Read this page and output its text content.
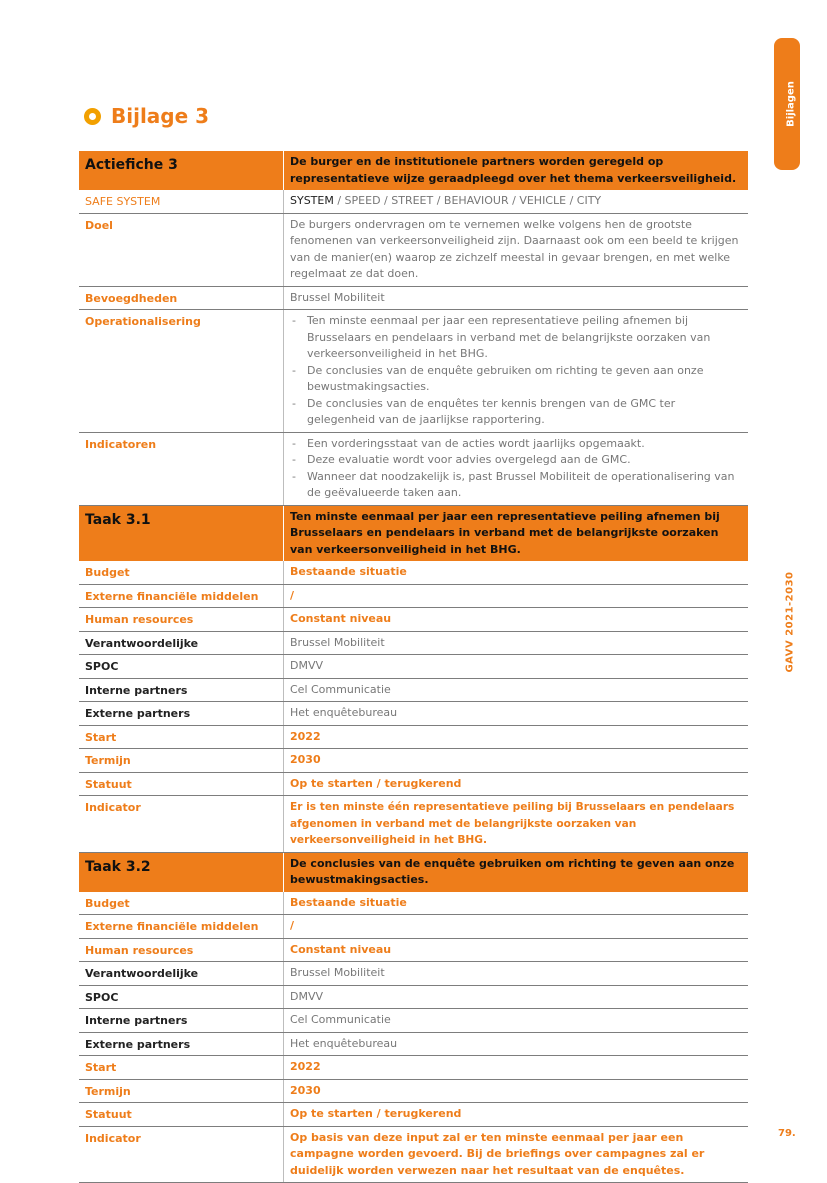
Bijlagen
GAVV 2021-2030
79.
Bijlage 3
Actiefiche 3	De burger en de institutionele partners worden geregeld op representatieve wijze geraadpleegd over het thema verkeersveiligheid.
SAFE SYSTEM	SYSTEM / SPEED / STREET / BEHAVIOUR / VEHICLE / CITY
Doel	De burgers ondervragen om te vernemen welke volgens hen de grootste fenomenen van verkeersonveiligheid zijn. Daarnaast ook om een beeld te krijgen van de manier(en) waarop ze zichzelf meestal in gevaar brengen, en met welke regelmaat ze dat doen.
Bevoegdheden	Brussel Mobiliteit
Operationalisering	- Ten minste eenmaal per jaar een representatieve peiling afnemen bij Brusselaars en pendelaars in verband met de belangrijkste oorzaken van verkeersonveiligheid in het BHG.
- De conclusies van de enquête gebruiken om richting te geven aan onze bewustmakingsacties.
- De conclusies van de enquêtes ter kennis brengen van de GMC ter gelegenheid van de jaarlijkse rapportering.
Indicatoren	- Een vorderingsstaat van de acties wordt jaarlijks opgemaakt.
- Deze evaluatie wordt voor advies overgelegd aan de GMC.
- Wanneer dat noodzakelijk is, past Brussel Mobiliteit de operationalisering van de geëvalueerde taken aan.
Taak 3.1	Ten minste eenmaal per jaar een representatieve peiling afnemen bij Brusselaars en pendelaars in verband met de belangrijkste oorzaken van verkeersonveiligheid in het BHG.
Budget	Bestaande situatie
Externe financiële middelen	/
Human resources	Constant niveau
Verantwoordelijke	Brussel Mobiliteit
SPOC	DMVV
Interne partners	Cel Communicatie
Externe partners	Het enquêtebureau
Start	2022
Termijn	2030
Statuut	Op te starten / terugkerend
Indicator	Er is ten minste één representatieve peiling bij Brusselaars en pendelaars afgenomen in verband met de belangrijkste oorzaken van verkeersonveiligheid in het BHG.
Taak 3.2	De conclusies van de enquête gebruiken om richting te geven aan onze bewustmakingsacties.
Budget	Bestaande situatie
Externe financiële middelen	/
Human resources	Constant niveau
Verantwoordelijke	Brussel Mobiliteit
SPOC	DMVV
Interne partners	Cel Communicatie
Externe partners	Het enquêtebureau
Start	2022
Termijn	2030
Statuut	Op te starten / terugkerend
Indicator	Op basis van deze input zal er ten minste eenmaal per jaar een campagne worden gevoerd. Bij de briefings over campagnes zal er duidelijk worden verwezen naar het resultaat van de enquêtes.
